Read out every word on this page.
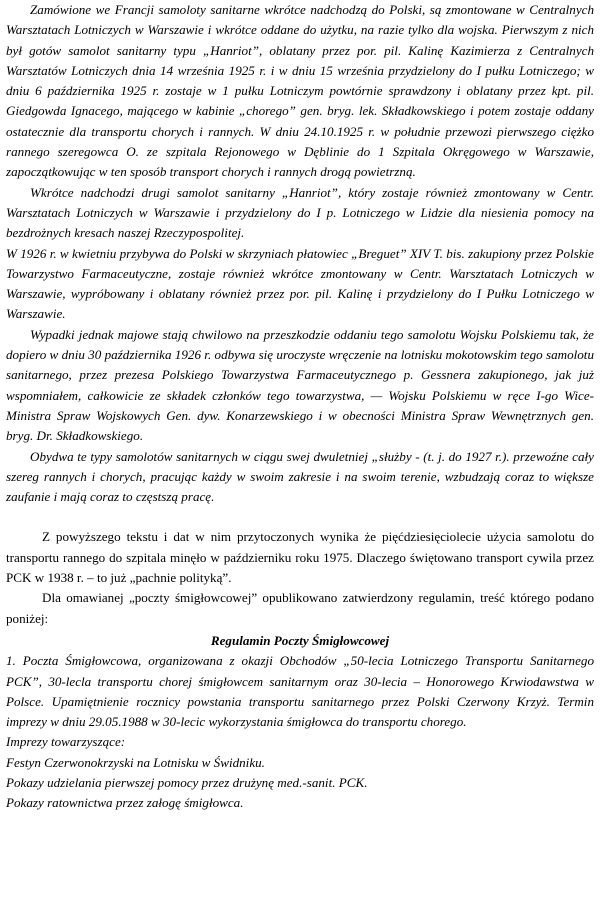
Zamówione we Francji samoloty sanitarne wkrótce nadchodzą do Polski, są zmontowane w Centralnych Warsztatach Lotniczych w Warszawie i wkrótce oddane do użytku, na razie tylko dla wojska. Pierwszym z nich był gotów samolot sanitarny typu „Hanriot”, oblatany przez por. pil. Kalinę Kazimierza z Centralnych Warsztatów Lotniczych dnia 14 września 1925 r. i w dniu 15 września przydzielony do I pułku Lotniczego; w dniu 6 października 1925 r. zostaje w 1 pułku Lotniczym powtórnie sprawdzony i oblatany przez kpt. pil. Giedgowda Ignacego, mającego w kabinie „chorego” gen. bryg. lek. Składkowskiego i potem zostaje oddany ostatecznie dla transportu chorych i rannych. W dniu 24.10.1925 r. w południe przewozi pierwszego ciężko rannego szeregowca O. ze szpitala Rejonowego w Dęblinie do 1 Szpitala Okręgowego w Warszawie, zapoczątkowując w ten sposób transport chorych i rannych drogą powietrzną.

Wkrótce nadchodzi drugi samolot sanitarny „Hanriot”, który zostaje również zmontowany w Centr. Warsztatach Lotniczych w Warszawie i przydzielony do I p. Lotniczego w Lidzie dla niesienia pomocy na bezdrożnych kresach naszej Rzeczypospolitej.

W 1926 r. w kwietniu przybywa do Polski w skrzyniach płatowiec „Breguet” XIV T. bis. zakupiony przez Polskie Towarzystwo Farmaceutyczne, zostaje również wkrótce zmontowany w Centr. Warsztatach Lotniczych w Warszawie, wypróbowany i oblatany również przez por. pil. Kalinę i przydzielony do I Pułku Lotniczego w Warszawie.

Wypadki jednak majowe stają chwilowo na przeszkodzie oddaniu tego samolotu Wojsku Polskiemu tak, że dopiero w dniu 30 października 1926 r. odbywa się uroczyste wręczenie na lotnisku mokotowskim tego samolotu sanitarnego, przez prezesa Polskiego Towarzystwa Farmaceutycznego p. Gessnera zakupionego, jak już wspomniałem, całkowicie ze składek członków tego towarzystwa, — Wojsku Polskiemu w ręce I-go Wice-Ministra Spraw Wojskowych Gen. dyw. Konarzewskiego i w obecności Ministra Spraw Wewnętrznych gen. bryg. Dr. Składkowskiego.

Obydwa te typy samolotów sanitarnych w ciągu swej dwuletniej „służby - (t. j. do 1927 r.). przewoźne cały szereg rannych i chorych, pracując każdy w swoim zakresie i na swoim terenie, wzbudzają coraz to większe zaufanie i mają coraz to częstszą pracę.

Z powyższego tekstu i dat w nim przytoczonych wynika że pięćdziesięciolecie użycia samolotu do transportu rannego do szpitala minęło w październiku roku 1975. Dlaczego świętowano transport cywila przez PCK w 1938 r. – to już „pachnie polityką”.

Dla omawianej „poczty śmigłowcowej” opublikowano zatwierdzony regulamin, treść którego podano poniżej:

Regulamin Poczty Śmigłowcowej

1. Poczta Śmigłowcowa, organizowana z okazji Obchodów „50-lecia Lotniczego Transportu Sanitarnego PCK”, 30-lecla transportu chorej śmigłowcem sanitarnym oraz 30-lecia – Honorowego Krwiodawstwa w Polsce. Upamiętnienie rocznicy powstania transportu sanitarnego przez Polski Czerwony Krzyż. Termin imprezy w dniu 29.05.1988 w 30-lecic wykorzystania śmigłowca do transportu chorego.

Imprezy towarzyszące:
Festyn Czerwonokrzyski na Lotnisku w Świdniku.
Pokazy udzielania pierwszej pomocy przez drużynę med.-sanit. PCK.
Pokazy ratownictwa przez załogę śmigłowca.
